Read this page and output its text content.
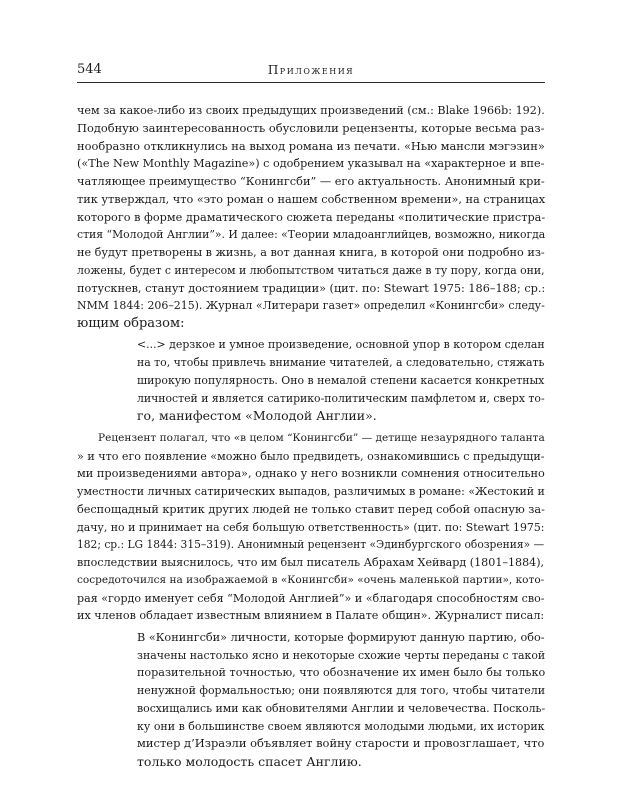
544	Приложения
чем за какое-либо из своих предыдущих произведений (см.: Blake 1966b: 192).
Подобную заинтересованность обусловили рецензенты, которые весьма раз-
нообразно откликнулись на выход романа из печати. «Нью мансли мэгэзин»
(«The New Monthly Magazine») с одобрением указывал на «характерное и впе-
чатляющее преимущество “Конингсби” — его актуальность. Анонимный кри-
тик утверждал, что «это роман о нашем собственном времени», на страницах
которого в форме драматического сюжета переданы «политические пристра-
стия “Молодой Англии”». И далее: «Теории младоанглийцев, возможно, никогда
не будут претворены в жизнь, а вот данная книга, в которой они подробно из-
ложены, будет с интересом и любопытством читаться даже в ту пору, когда они,
потускнев, станут достоянием традиции» (цит. по: Stewart 1975: 186–188; ср.:
NMM 1844: 206–215). Журнал «Литерари газет» определил «Конингсби» следу-
ющим образом:
<...> дерзкое и умное произведение, основной упор в котором сделан
на то, чтобы привлечь внимание читателей, а следовательно, стяжать
широкую популярность. Оно в немалой степени касается конкретных
личностей и является сатирико-политическим памфлетом и, сверх то-
го, манифестом «Молодой Англии».
Рецензент полагал, что «в целом “Конингсби” — детище незаурядного таланта
» и что его появление «можно было предвидеть, ознакомившись с предыдущи-
ми произведениями автора», однако у него возникли сомнения относительно
уместности личных сатирических выпадов, различимых в романе: «Жестокий и
беспощадный критик других людей не только ставит перед собой опасную за-
дачу, но и принимает на себя большую ответственность» (цит. по: Stewart 1975:
182; ср.: LG 1844: 315–319). Анонимный рецензент «Эдинбургского обозрения» —
впоследствии выяснилось, что им был писатель Абрахам Хейвард (1801–1884),
сосредоточился на изображаемой в «Конингсби» «очень маленькой партии», кото-
рая «гордо именует себя “Молодой Англией”» и «благодаря способностям сво-
их членов обладает известным влиянием в Палате общин». Журналист писал:
В «Конингсби» личности, которые формируют данную партию, обо-
значены настолько ясно и некоторые схожие черты переданы с такой
поразительной точностью, что обозначение их имен было бы только
ненужной формальностью; они появляются для того, чтобы читатели
восхищались ими как обновителями Англии и человечества. Посколь-
ку они в большинстве своем являются молодыми людьми, их историк
мистер д’Израэли объявляет войну старости и провозглашает, что
только молодость спасет Англию.
